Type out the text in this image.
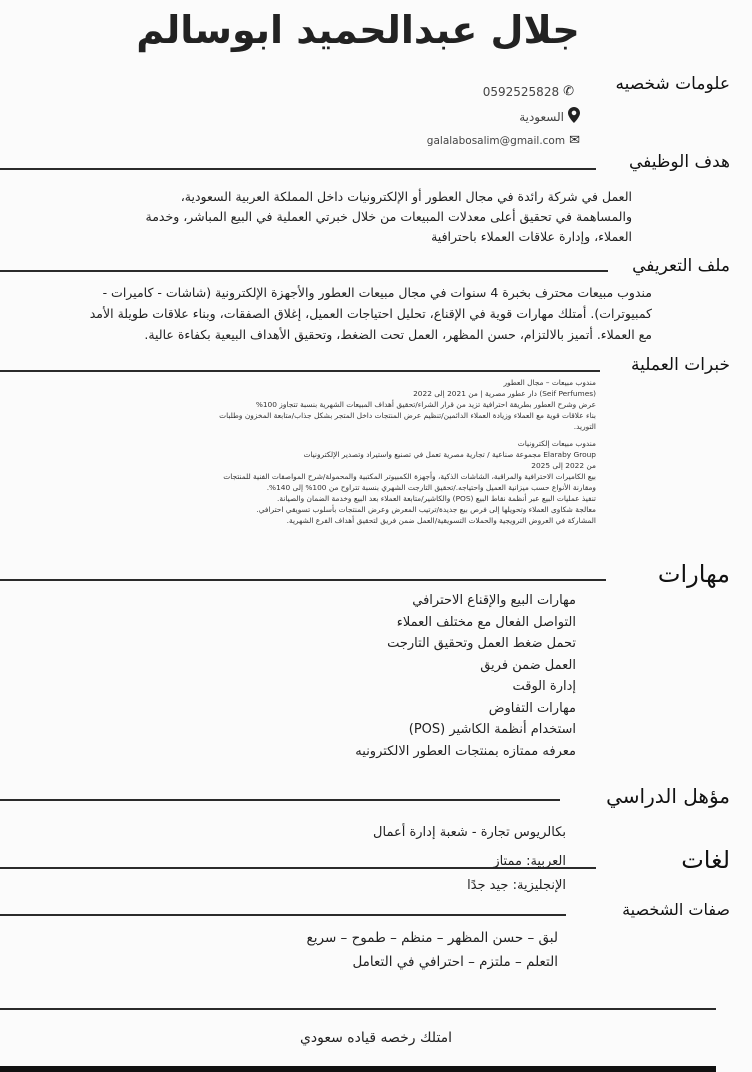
جلال عبدالحميد ابوسالم
علومات شخصيه
✆
0592525828
السعودية
✉
galalabosalim@gmail.com
هدف الوظيفي
العمل في شركة رائدة في مجال العطور أو الإلكترونيات داخل المملكة العربية السعودية،
والمساهمة في تحقيق أعلى معدلات المبيعات من خلال خبرتي العملية في البيع المباشر، وخدمة
العملاء، وإدارة علاقات العملاء باحترافية
ملف التعريفي
مندوب مبيعات محترف بخبرة 4 سنوات في مجال مبيعات العطور والأجهزة الإلكترونية (شاشات - كاميرات -
كمبيوترات). أمتلك مهارات قوية في الإقناع، تحليل احتياجات العميل، إغلاق الصفقات، وبناء علاقات طويلة الأمد
مع العملاء. أتميز بالالتزام، حسن المظهر، العمل تحت الضغط، وتحقيق الأهداف البيعية بكفاءة عالية.
خبرات العملية
مندوب مبيعات – مجال العطور
(Seif Perfumes) دار عطور مصرية | من 2021 إلى 2022
عرض وشرح العطور بطريقة احترافية تزيد من قرار الشراء/تحقيق أهداف المبيعات الشهرية بنسبة تتجاوز 100%
بناء علاقات قوية مع العملاء وزيادة العملاء الدائمين/تنظيم عرض المنتجات داخل المتجر بشكل جذاب/متابعة المخزون وطلبات
التوريد.
مندوب مبيعات إلكترونيات
Elaraby Group مجموعة صناعية / تجارية مصرية تعمل في تصنيع واستيراد وتصدير الإلكترونيات
من 2022 إلى 2025
بيع الكاميرات الاحترافية والمراقبة، الشاشات الذكية، وأجهزة الكمبيوتر المكتبية والمحمولة/شرح المواصفات الفنية للمنتجات
ومقارنة الأنواع حسب ميزانية العميل واحتياجه./تحقيق التارجت الشهري بنسبة تتراوح من 100% إلى 140%.
تنفيذ عمليات البيع عبر أنظمة نقاط البيع (POS) والكاشير/متابعة العملاء بعد البيع وخدمة الضمان والصيانة.
معالجة شكاوى العملاء وتحويلها إلى فرص بيع جديدة/ترتيب المعرض وعرض المنتجات بأسلوب تسويقي احترافي.
المشاركة في العروض الترويجية والحملات التسويقية/العمل ضمن فريق لتحقيق أهداف الفرع الشهرية.
مهارات
مهارات البيع والإقناع الاحترافي
التواصل الفعال مع مختلف العملاء
تحمل ضغط العمل وتحقيق التارجت
العمل ضمن فريق
إدارة الوقت
مهارات التفاوض
استخدام أنظمة الكاشير (POS)
معرفه ممتازه بمنتجات العطور الالكترونيه
مؤهل الدراسي
بكالريوس تجارة - شعبة إدارة أعمال
لغات
العربية: ممتاز
الإنجليزية: جيد جدًا
صفات الشخصية
لبق – حسن المظهر – منظم – طموح – سريع
التعلم – ملتزم – احترافي في التعامل
امتلك رخصه قياده سعودي
